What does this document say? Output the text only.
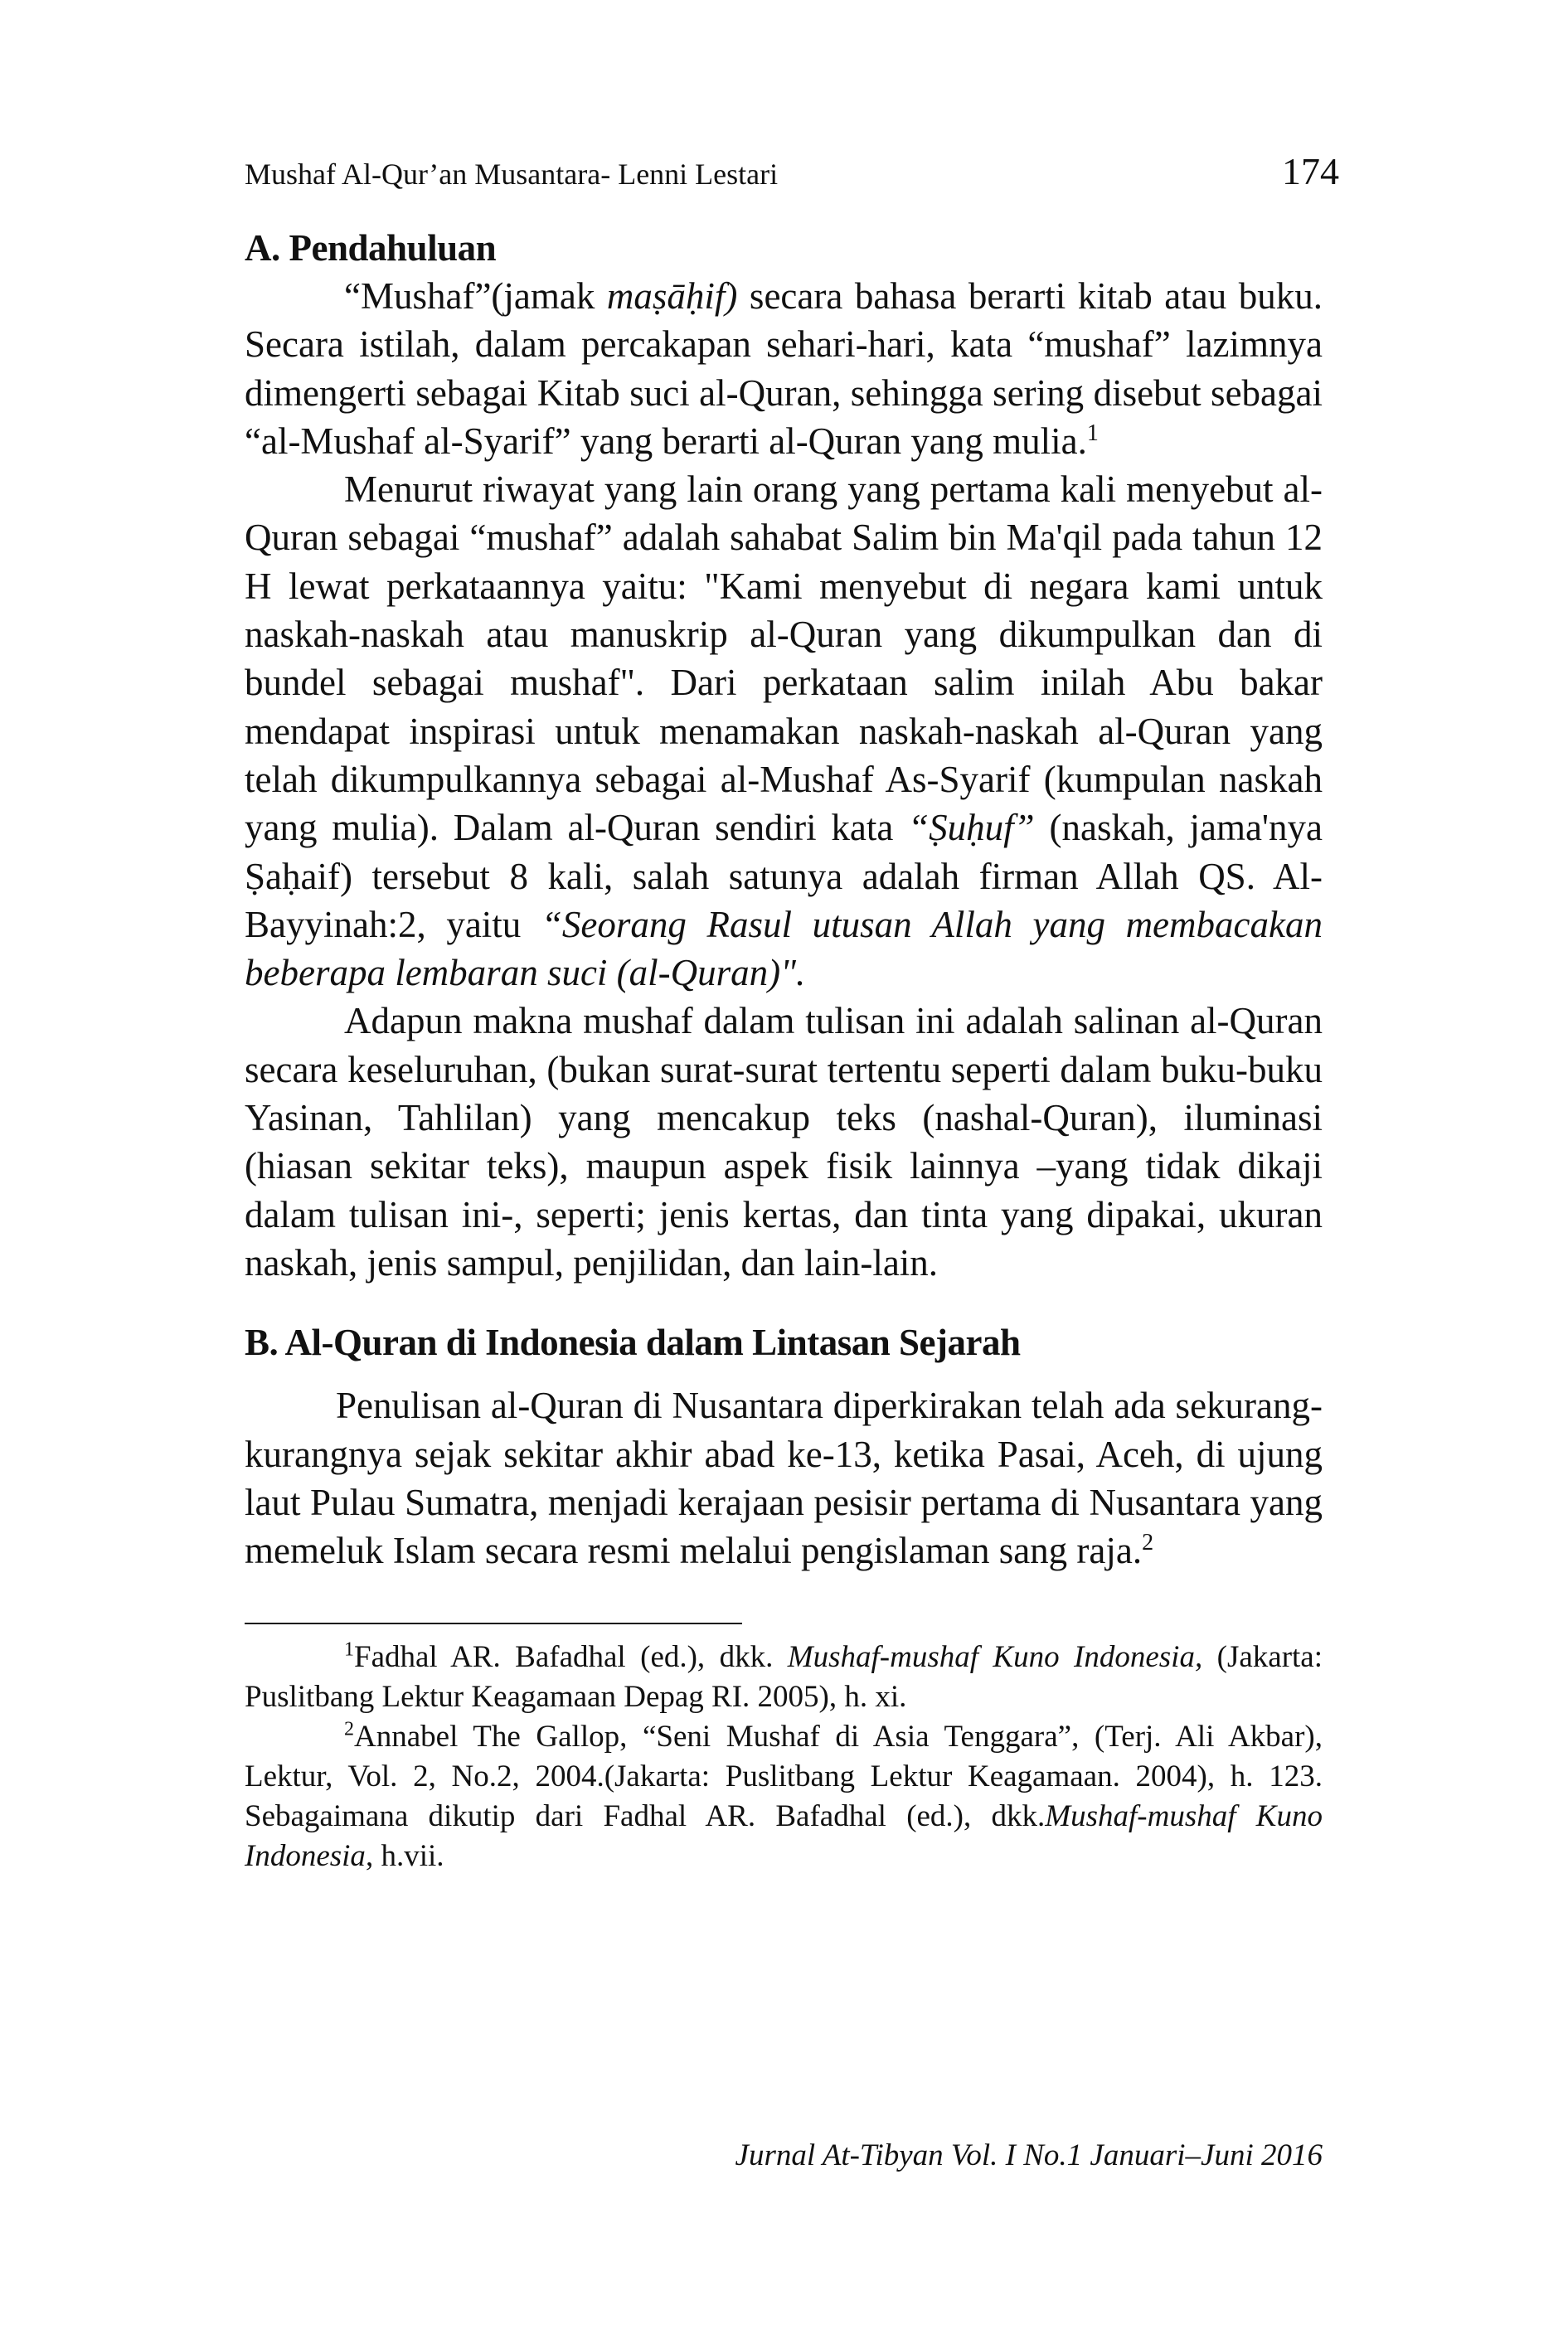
Mushaf Al-Qur’an Musantara- Lenni Lestari	174
A. Pendahuluan

“Mushaf”(jamak maṣāḥif) secara bahasa berarti kitab atau buku. Secara istilah, dalam percakapan sehari-hari, kata “mushaf” lazimnya dimengerti sebagai Kitab suci al-Quran, sehingga sering disebut sebagai “al-Mushaf al-Syarif” yang berarti al-Quran yang mulia.$^1$

Menurut riwayat yang lain orang yang pertama kali menyebut al-Quran sebagai “mushaf” adalah sahabat Salim bin Ma'qil pada tahun 12 H lewat perkataannya yaitu: "Kami menyebut di negara kami untuk naskah-naskah atau manuskrip al-Quran yang dikumpulkan dan di bundel sebagai mushaf". Dari perkataan salim inilah Abu bakar mendapat inspirasi untuk menamakan naskah-naskah al-Quran yang telah dikumpulkannya sebagai al-Mushaf As-Syarif (kumpulan naskah yang mulia). Dalam al-Quran sendiri kata “Ṣuḥuf” (naskah, jama'nya Ṣaḥaif) tersebut 8 kali, salah satunya adalah firman Allah QS. Al-Bayyinah:2, yaitu “Seorang Rasul utusan Allah yang membacakan beberapa lembaran suci (al-Quran)".

Adapun makna mushaf dalam tulisan ini adalah salinan al-Quran secara keseluruhan, (bukan surat-surat tertentu seperti dalam buku-buku Yasinan, Tahlilan) yang mencakup teks (nashal-Quran), iluminasi (hiasan sekitar teks), maupun aspek fisik lainnya –yang tidak dikaji dalam tulisan ini-, seperti; jenis kertas, dan tinta yang dipakai, ukuran naskah, jenis sampul, penjilidan, dan lain-lain.

B. Al-Quran di Indonesia dalam Lintasan Sejarah

Penulisan al-Quran di Nusantara diperkirakan telah ada sekurang-kurangnya sejak sekitar akhir abad ke-13, ketika Pasai, Aceh, di ujung laut Pulau Sumatra, menjadi kerajaan pesisir pertama di Nusantara yang memeluk Islam secara resmi melalui pengislaman sang raja.$^2$

$^1$Fadhal AR. Bafadhal (ed.), dkk. Mushaf-mushaf Kuno Indonesia, (Jakarta: Puslitbang Lektur Keagamaan Depag RI. 2005), h. xi.

$^2$Annabel The Gallop, “Seni Mushaf di Asia Tenggara”, (Terj. Ali Akbar), Lektur, Vol. 2, No.2, 2004.(Jakarta: Puslitbang Lektur Keagamaan. 2004), h. 123. Sebagaimana dikutip dari Fadhal AR. Bafadhal (ed.), dkk.Mushaf-mushaf Kuno Indonesia, h.vii.

Jurnal At-Tibyan Vol. I No.1 Januari–Juni 2016
